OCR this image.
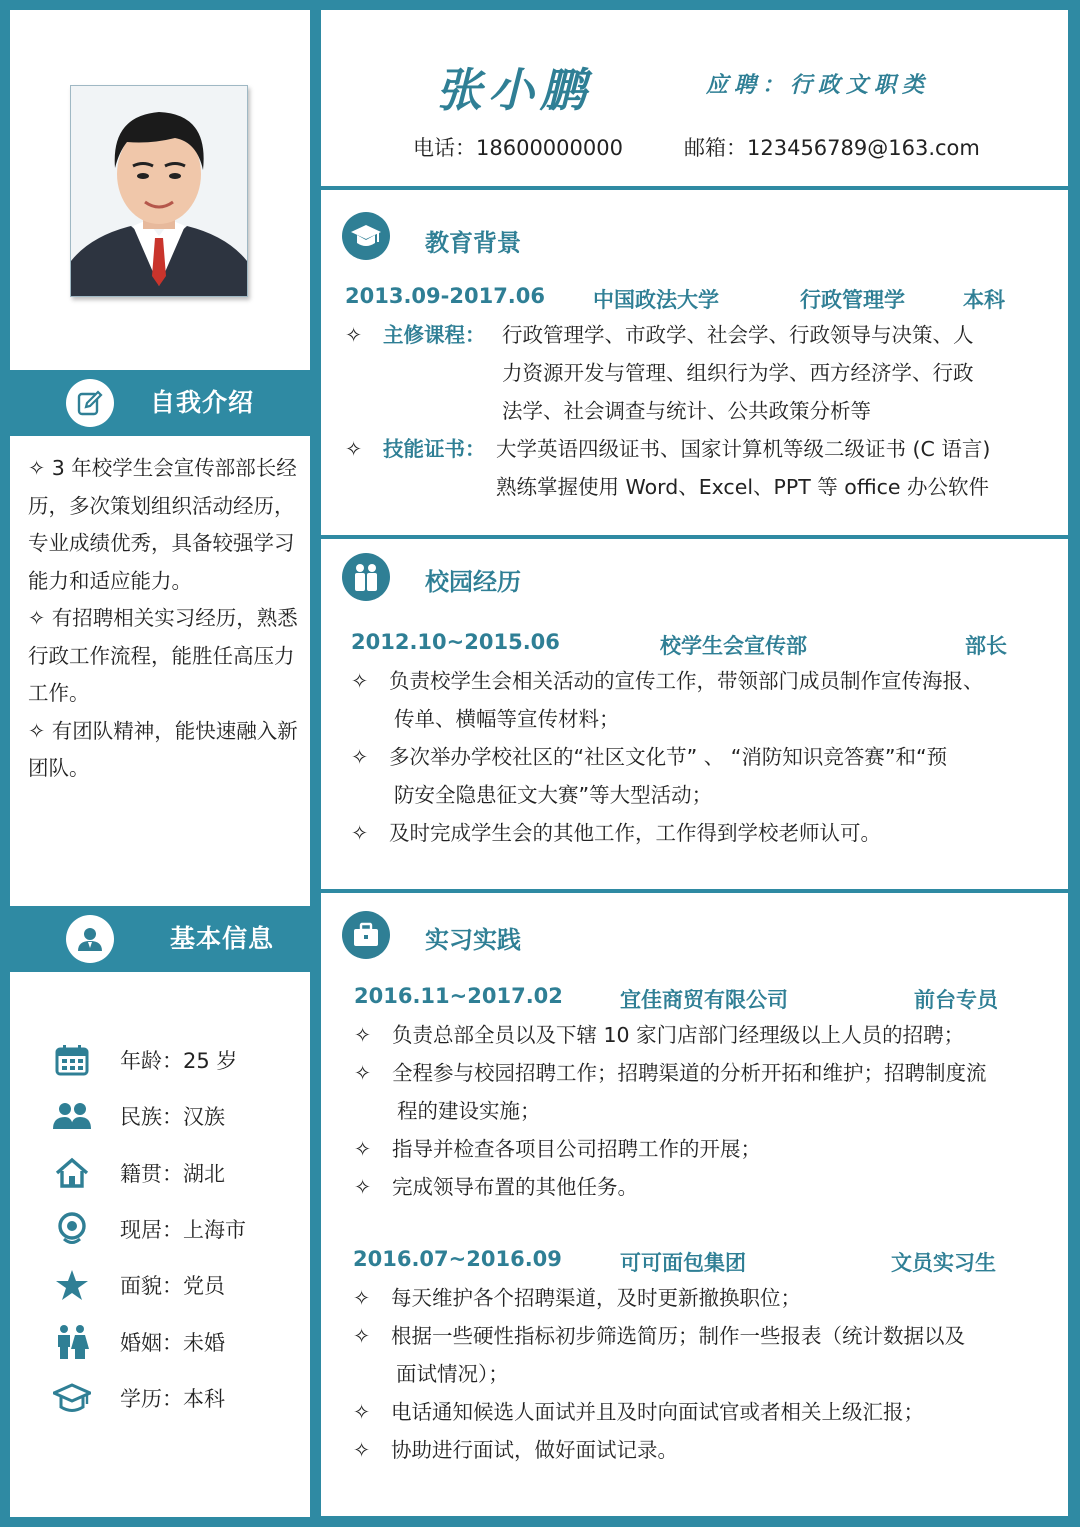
自我介绍
✧ 3 年校学生会宣传部部长经历，多次策划组织活动经历，专业成绩优秀，具备较强学习能力和适应能力。
✧ 有招聘相关实习经历，熟悉行政工作流程，能胜任高压力工作。
✧ 有团队精神，能快速融入新团队。
基本信息
年龄：25 岁
民族：汉族
籍贯：湖北
现居：上海市
面貌：党员
婚姻：未婚
学历：本科
张小鹏	应聘：行政文职类
电话：18600000000	邮箱：123456789@163.com
教育背景
2013.09-2017.06 中国政法大学	行政管理学	本科
✧ 主修课程： 行政管理学、市政学、社会学、行政领导与决策、人
力资源开发与管理、组织行为学、西方经济学、行政
法学、社会调查与统计、公共政策分析等
✧ 技能证书： 大学英语四级证书、国家计算机等级二级证书 (C 语言)
熟练掌握使用 Word、Excel、PPT 等 office 办公软件
校园经历
2012.10~2015.06	校学生会宣传部	部长
✧ 负责校学生会相关活动的宣传工作，带领部门成员制作宣传海报、
传单、横幅等宣传材料；
✧ 多次举办学校社区的“社区文化节” 、 “消防知识竞答赛”和“预
防安全隐患征文大赛”等大型活动；
✧ 及时完成学生会的其他工作，工作得到学校老师认可。
实习实践
2016.11~2017.02	宜佳商贸有限公司	前台专员
✧ 负责总部全员以及下辖 10 家门店部门经理级以上人员的招聘；
✧ 全程参与校园招聘工作；招聘渠道的分析开拓和维护；招聘制度流
程的建设实施；
✧ 指导并检查各项目公司招聘工作的开展；
✧ 完成领导布置的其他任务。
2016.07~2016.09	可可面包集团	文员实习生
✧ 每天维护各个招聘渠道，及时更新撤换职位；
✧ 根据一些硬性指标初步筛选简历；制作一些报表（统计数据以及
面试情况）；
✧ 电话通知候选人面试并且及时向面试官或者相关上级汇报；
✧ 协助进行面试，做好面试记录。
